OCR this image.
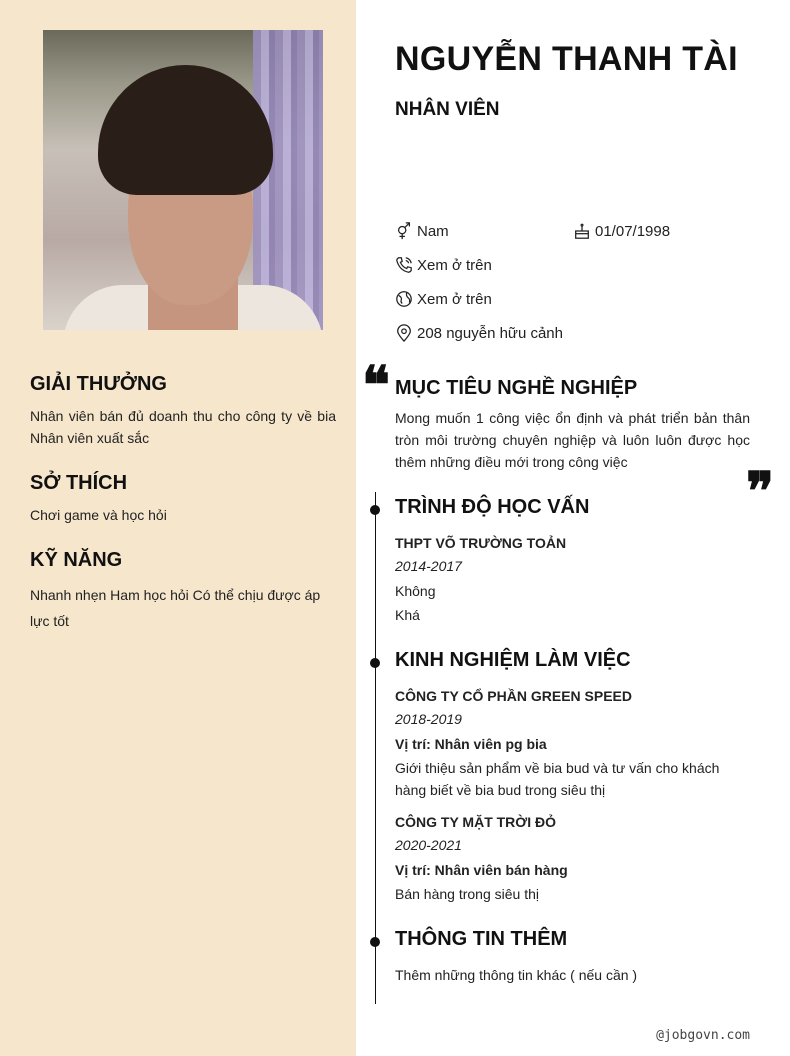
GIẢI THƯỞNG
Nhân viên bán đủ doanh thu cho công ty về bia Nhân viên xuất sắc
SỞ THÍCH
Chơi game và học hỏi
KỸ NĂNG
Nhanh nhẹn Ham học hỏi Có thể chịu được áp lực tốt
NGUYỄN THANH TÀI
NHÂN VIÊN
Nam	01/07/1998
Xem ở trên
Xem ở trên
208 nguyễn hữu cảnh
❝ MỤC TIÊU NGHỀ NGHIỆP
Mong muốn 1 công việc ổn định và phát triển bản thân tròn môi trường chuyên nghiệp và luôn luôn được học thêm những điều mới trong công việc	❞
TRÌNH ĐỘ HỌC VẤN
THPT VÕ TRƯỜNG TOẢN
2014-2017
Không
Khá
KINH NGHIỆM LÀM VIỆC
CÔNG TY CỔ PHẦN GREEN SPEED
2018-2019
Vị trí: Nhân viên pg bia
Giới thiệu sản phẩm về bia bud và tư vấn cho khách hàng biết về bia bud trong siêu thị
CÔNG TY MẶT TRỜI ĐỎ
2020-2021
Vị trí: Nhân viên bán hàng
Bán hàng trong siêu thị
THÔNG TIN THÊM
Thêm những thông tin khác ( nếu cần )
@jobgovn.com
